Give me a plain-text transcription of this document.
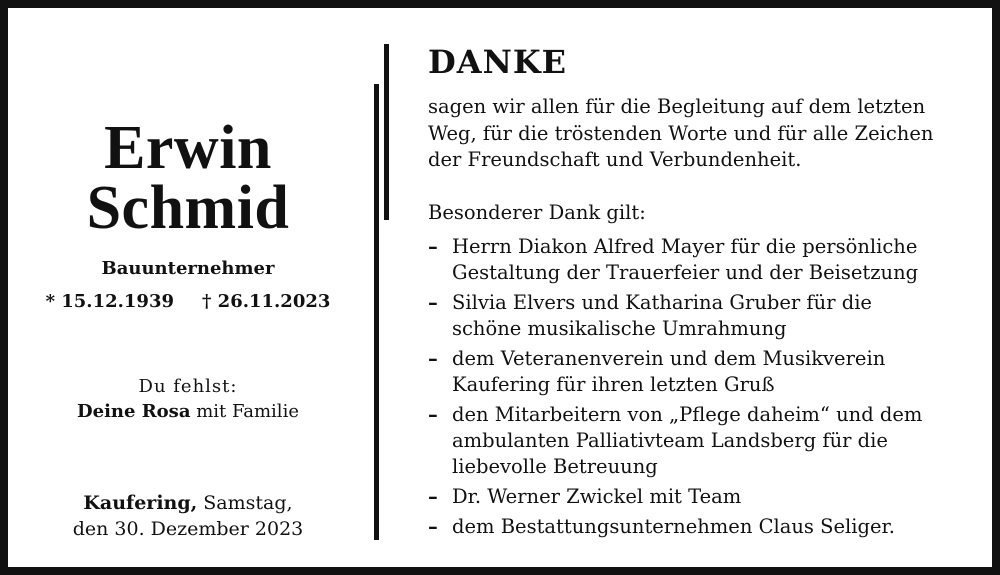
Erwin
Schmid
Bauunternehmer
* 15.12.1939 † 26.11.2023
Du fehlst:
Deine Rosa mit Familie
Kaufering, Samstag,
den 30. Dezember 2023
DANKE
sagen wir allen für die Begleitung auf dem letzten
Weg, für die tröstenden Worte und für alle Zeichen
der Freundschaft und Verbundenheit.
Besonderer Dank gilt:
– Herrn Diakon Alfred Mayer für die persönliche
Gestaltung der Trauerfeier und der Beisetzung
– Silvia Elvers und Katharina Gruber für die
schöne musikalische Umrahmung
– dem Veteranenverein und dem Musikverein
Kaufering für ihren letzten Gruß
– den Mitarbeitern von „Pflege daheim“ und dem
ambulanten Palliativteam Landsberg für die
liebevolle Betreuung
– Dr. Werner Zwickel mit Team
– dem Bestattungsunternehmen Claus Seliger.
